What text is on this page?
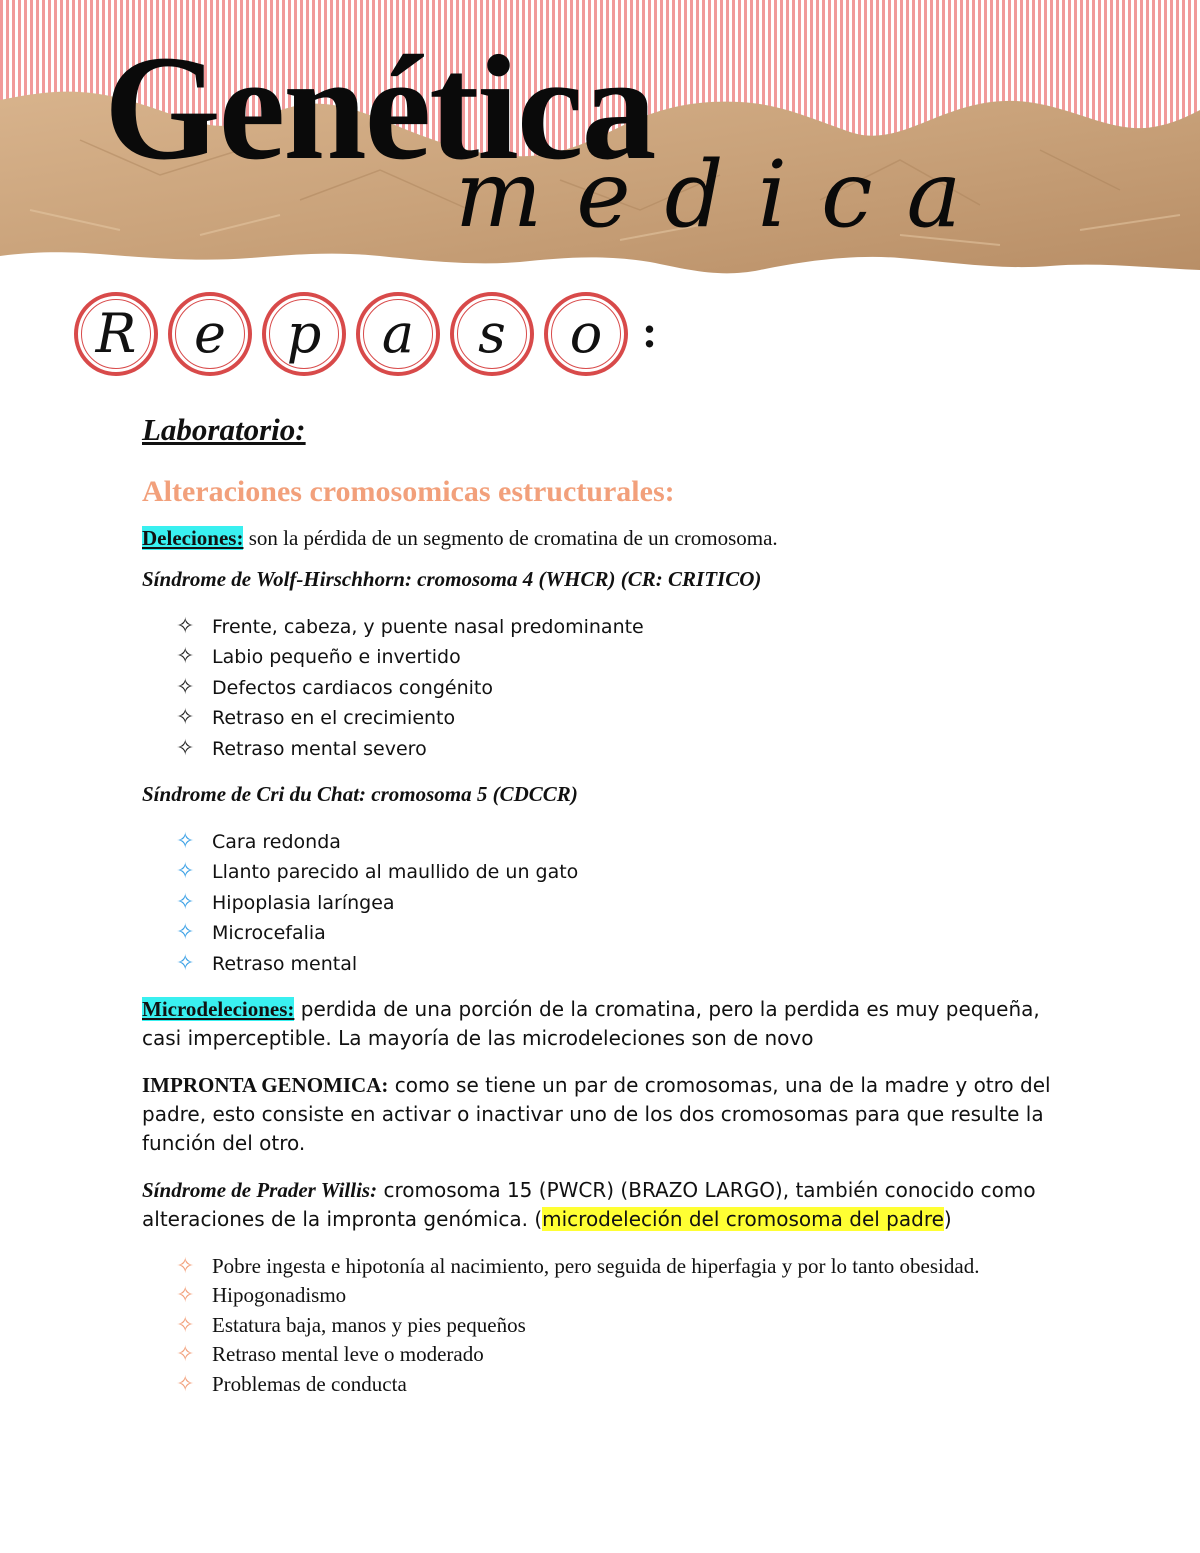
Genética
medica
R e p a s o :
Laboratorio:
Alteraciones cromosomicas estructurales:

Deleciones: son la pérdida de un segmento de cromatina de un cromosoma.

Síndrome de Wolf-Hirschhorn: cromosoma 4 (WHCR) (CR: CRITICO)

✧ Frente, cabeza, y puente nasal predominante
✧ Labio pequeño e invertido
✧ Defectos cardiacos congénito
✧ Retraso en el crecimiento
✧ Retraso mental severo

Síndrome de Cri du Chat: cromosoma 5 (CDCCR)

✧ Cara redonda
✧ Llanto parecido al maullido de un gato
✧ Hipoplasia laríngea
✧ Microcefalia
✧ Retraso mental

Microdeleciones: perdida de una porción de la cromatina, pero la perdida es muy pequeña, casi imperceptible. La mayoría de las microdeleciones son de novo

IMPRONTA GENOMICA: como se tiene un par de cromosomas, una de la madre y otro del padre, esto consiste en activar o inactivar uno de los dos cromosomas para que resulte la función del otro.

Síndrome de Prader Willis: cromosoma 15 (PWCR) (BRAZO LARGO), también conocido como alteraciones de la impronta genómica. (microdeleción del cromosoma del padre)

✧ Pobre ingesta e hipotonía al nacimiento, pero seguida de hiperfagia y por lo tanto obesidad.
✧ Hipogonadismo
✧ Estatura baja, manos y pies pequeños
✧ Retraso mental leve o moderado
✧ Problemas de conducta
